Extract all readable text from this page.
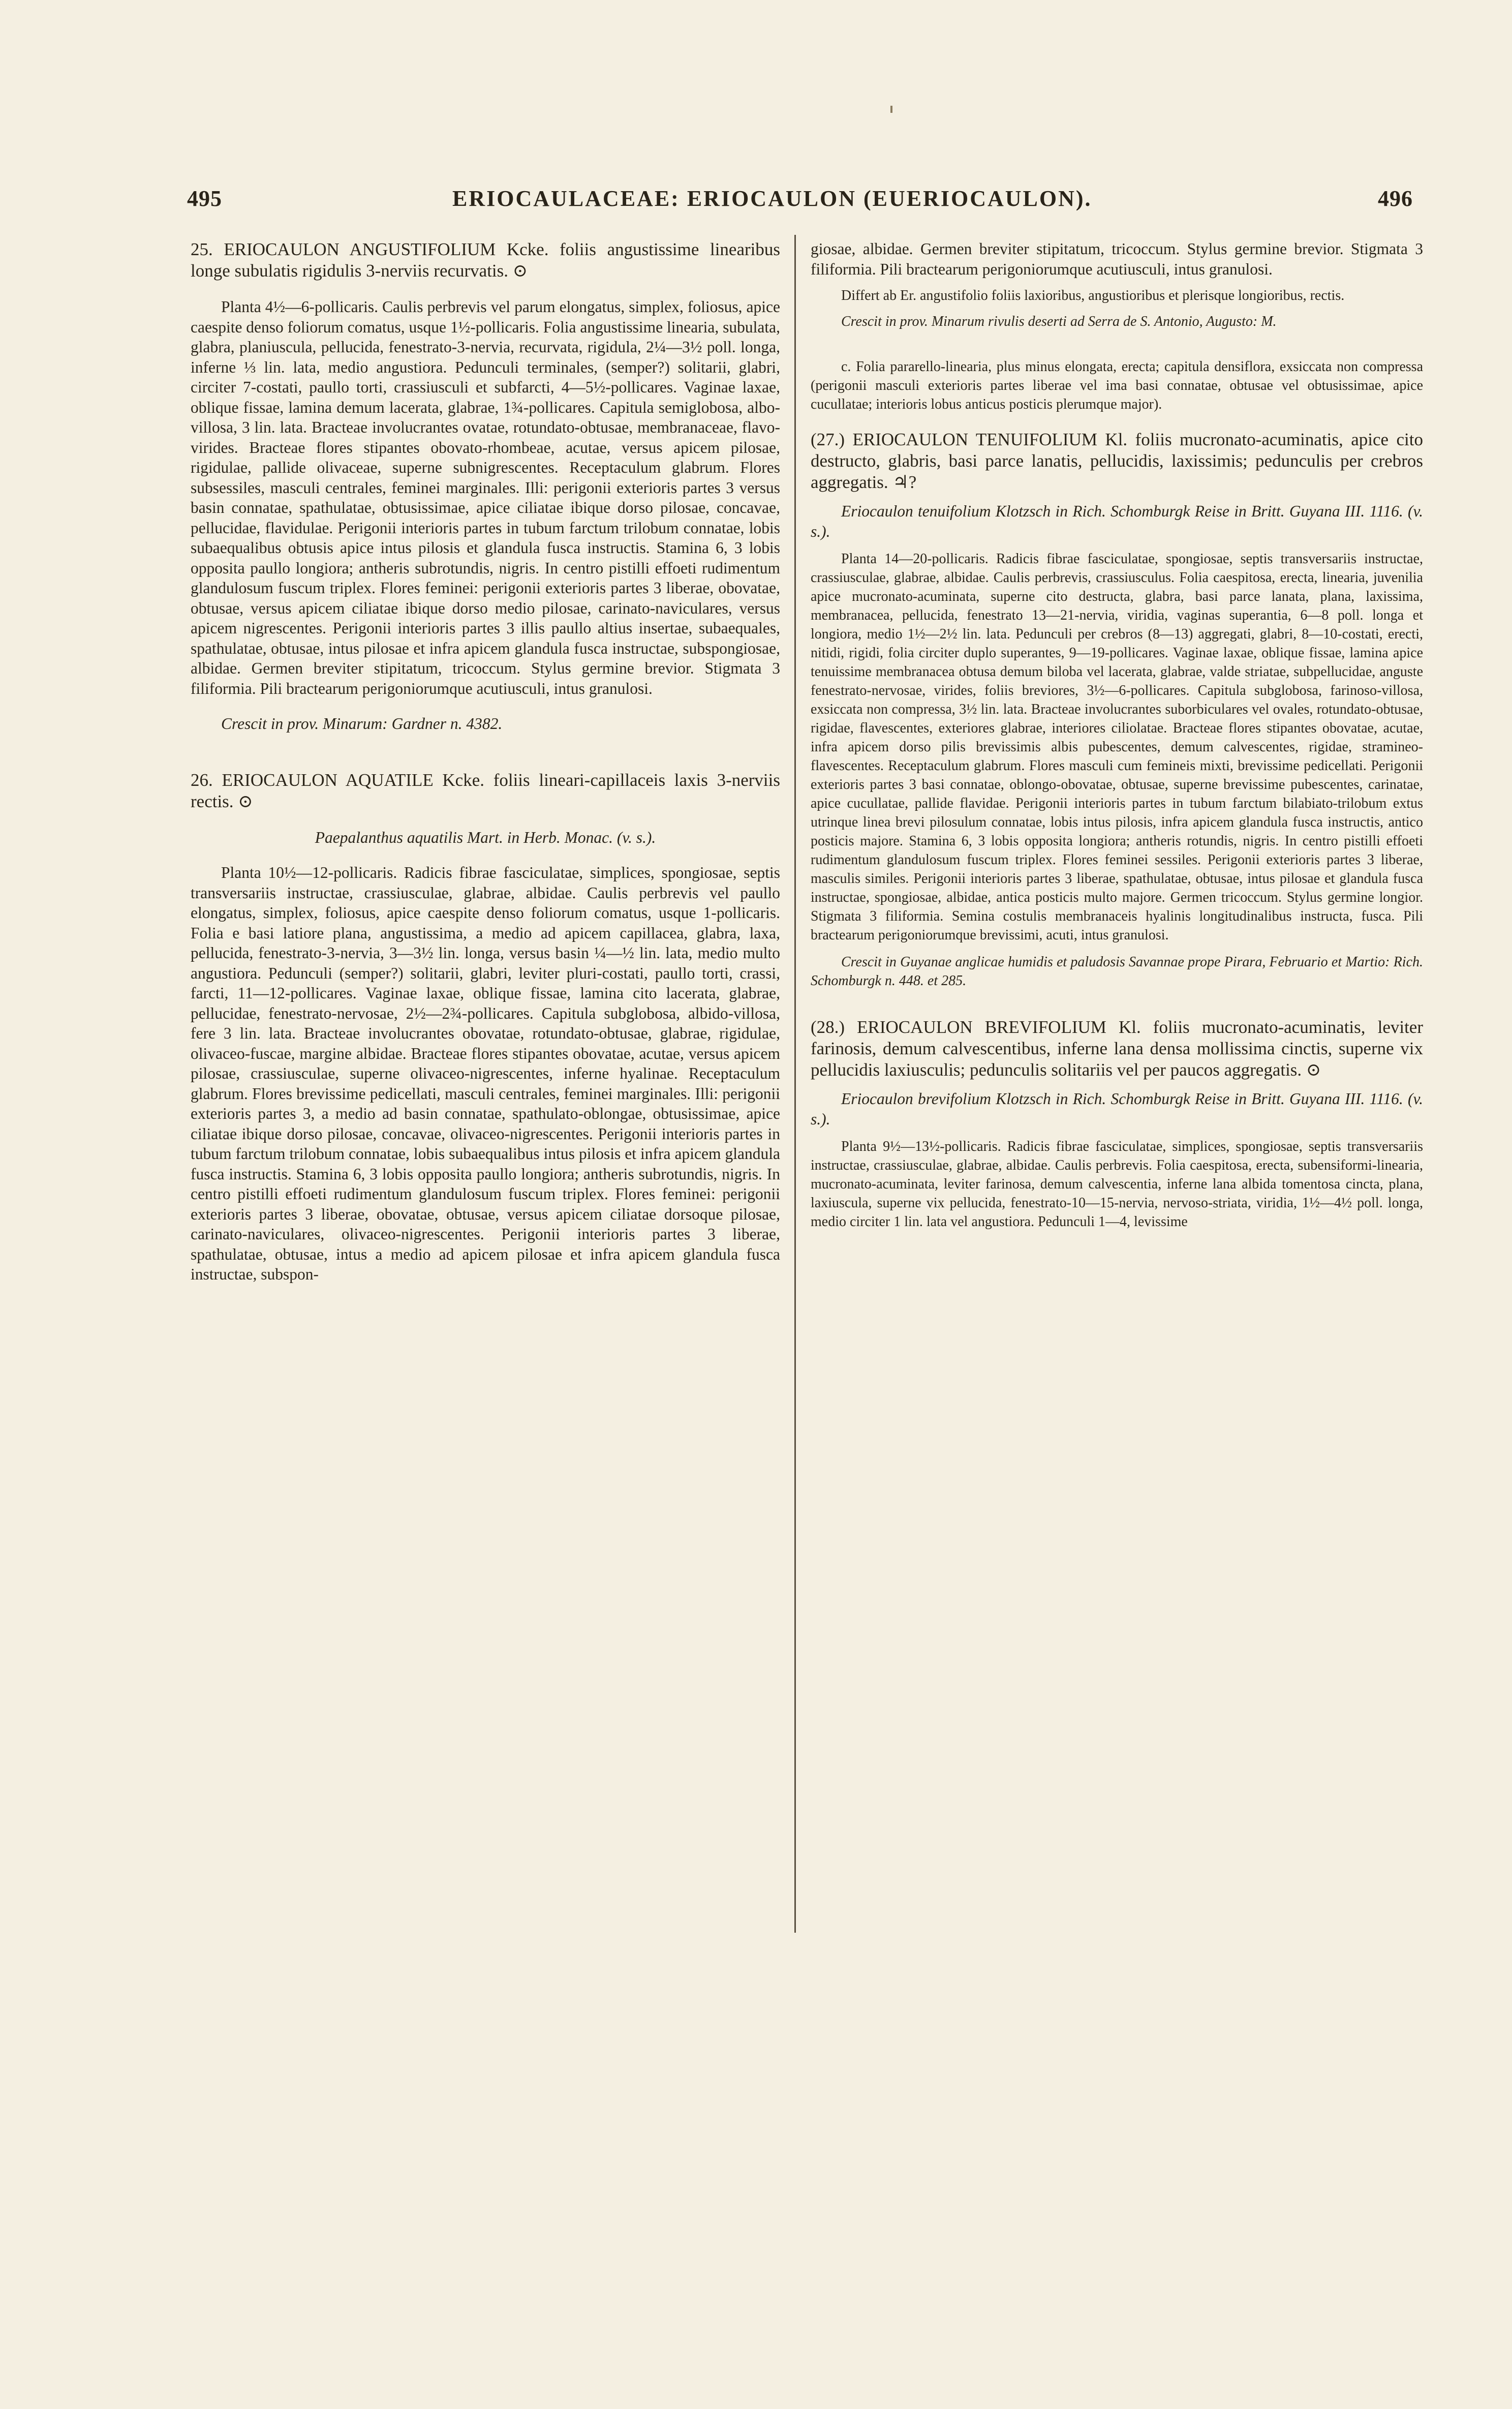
495	ERIOCAULACEAE: ERIOCAULON (EUERIOCAULON).	496

25. ERIOCAULON ANGUSTIFOLIUM Kcke. foliis angustissime linearibus longe subulatis rigidulis 3-nerviis recurvatis. ⊙

Planta 4½—6-pollicaris. Caulis perbrevis vel parum elongatus, simplex, foliosus, apice caespite denso foliorum comatus, usque 1½-pollicaris. Folia angustissime linearia, subulata, glabra, planiuscula, pellucida, fenestrato-3-nervia, recurvata, rigidula, 2¼—3½ poll. longa, inferne ⅓ lin. lata, medio angustiora. Pedunculi terminales, (semper?) solitarii, glabri, circiter 7-costati, paullo torti, crassiusculi et subfarcti, 4—5½-pollicares. Vaginae laxae, oblique fissae, lamina demum lacerata, glabrae, 1¾-pollicares. Capitula semiglobosa, albo-villosa, 3 lin. lata. Bracteae involucrantes ovatae, rotundato-obtusae, membranaceae, flavo-virides. Bracteae flores stipantes obovato-rhombeae, acutae, versus apicem pilosae, rigidulae, pallide olivaceae, superne subnigrescentes. Receptaculum glabrum. Flores subsessiles, masculi centrales, feminei marginales. Illi: perigonii exterioris partes 3 versus basin connatae, spathulatae, obtusissimae, apice ciliatae ibique dorso pilosae, concavae, pellucidae, flavidulae. Perigonii interioris partes in tubum farctum trilobum connatae, lobis subaequalibus obtusis apice intus pilosis et glandula fusca instructis. Stamina 6, 3 lobis opposita paullo longiora; antheris subrotundis, nigris. In centro pistilli effoeti rudimentum glandulosum fuscum triplex. Flores feminei: perigonii exterioris partes 3 liberae, obovatae, obtusae, versus apicem ciliatae ibique dorso medio pilosae, carinato-naviculares, versus apicem nigrescentes. Perigonii interioris partes 3 illis paullo altius insertae, subaequales, spathulatae, obtusae, intus pilosae et infra apicem glandula fusca instructae, subspongiosae, albidae. Germen breviter stipitatum, tricoccum. Stylus germine brevior. Stigmata 3 filiformia. Pili bractearum perigoniorumque acutiusculi, intus granulosi.

Crescit in prov. Minarum: Gardner n. 4382.

26. ERIOCAULON AQUATILE Kcke. foliis lineari-capillaceis laxis 3-nerviis rectis. ⊙

Paepalanthus aquatilis Mart. in Herb. Monac. (v. s.).

Planta 10½—12-pollicaris. Radicis fibrae fasciculatae, simplices, spongiosae, septis transversariis instructae, crassiusculae, glabrae, albidae. Caulis perbrevis vel paullo elongatus, simplex, foliosus, apice caespite denso foliorum comatus, usque 1-pollicaris. Folia e basi latiore plana, angustissima, a medio ad apicem capillacea, glabra, laxa, pellucida, fenestrato-3-nervia, 3—3½ lin. longa, versus basin ¼—½ lin. lata, medio multo angustiora. Pedunculi (semper?) solitarii, glabri, leviter pluri-costati, paullo torti, crassi, farcti, 11—12-pollicares. Vaginae laxae, oblique fissae, lamina cito lacerata, glabrae, pellucidae, fenestrato-nervosae, 2½—2¾-pollicares. Capitula subglobosa, albido-villosa, fere 3 lin. lata. Bracteae involucrantes obovatae, rotundato-obtusae, glabrae, rigidulae, olivaceo-fuscae, margine albidae. Bracteae flores stipantes obovatae, acutae, versus apicem pilosae, crassiusculae, superne olivaceo-nigrescentes, inferne hyalinae. Receptaculum glabrum. Flores brevissime pedicellati, masculi centrales, feminei marginales. Illi: perigonii exterioris partes 3, a medio ad basin connatae, spathulato-oblongae, obtusissimae, apice ciliatae ibique dorso pilosae, concavae, olivaceo-nigrescentes. Perigonii interioris partes in tubum farctum trilobum connatae, lobis subaequalibus intus pilosis et infra apicem glandula fusca instructis. Stamina 6, 3 lobis opposita paullo longiora; antheris subrotundis, nigris. In centro pistilli effoeti rudimentum glandulosum fuscum triplex. Flores feminei: perigonii exterioris partes 3 liberae, obovatae, obtusae, versus apicem ciliatae dorsoque pilosae, carinato-naviculares, olivaceo-nigrescentes. Perigonii interioris partes 3 liberae, spathulatae, obtusae, intus a medio ad apicem pilosae et infra apicem glandula fusca instructae, subspon-

giosae, albidae. Germen breviter stipitatum, tricoccum. Stylus germine brevior. Stigmata 3 filiformia. Pili bractearum perigoniorumque acutiusculi, intus granulosi.

Differt ab Er. angustifolio foliis laxioribus, angustioribus et plerisque longioribus, rectis.

Crescit in prov. Minarum rivulis deserti ad Serra de S. Antonio, Augusto: M.

c. Folia pararello-linearia, plus minus elongata, erecta; capitula densiflora, exsiccata non compressa (perigonii masculi exterioris partes liberae vel ima basi connatae, obtusae vel obtusissimae, apice cucullatae; interioris lobus anticus posticis plerumque major).

(27.) ERIOCAULON TENUIFOLIUM Kl. foliis mucronato-acuminatis, apice cito destructo, glabris, basi parce lanatis, pellucidis, laxissimis; pedunculis per crebros aggregatis. ♃?

Eriocaulon tenuifolium Klotzsch in Rich. Schomburgk Reise in Britt. Guyana III. 1116. (v. s.).

Planta 14—20-pollicaris. Radicis fibrae fasciculatae, spongiosae, septis transversariis instructae, crassiusculae, glabrae, albidae. Caulis perbrevis, crassiusculus. Folia caespitosa, erecta, linearia, juvenilia apice mucronato-acuminata, superne cito destructa, glabra, basi parce lanata, plana, laxissima, membranacea, pellucida, fenestrato 13—21-nervia, viridia, vaginas superantia, 6—8 poll. longa et longiora, medio 1½—2½ lin. lata. Pedunculi per crebros (8—13) aggregati, glabri, 8—10-costati, erecti, nitidi, rigidi, folia circiter duplo superantes, 9—19-pollicares. Vaginae laxae, oblique fissae, lamina apice tenuissime membranacea obtusa demum biloba vel lacerata, glabrae, valde striatae, subpellucidae, anguste fenestrato-nervosae, virides, foliis breviores, 3½—6-pollicares. Capitula subglobosa, farinoso-villosa, exsiccata non compressa, 3½ lin. lata. Bracteae involucrantes suborbiculares vel ovales, rotundato-obtusae, rigidae, flavescentes, exteriores glabrae, interiores ciliolatae. Bracteae flores stipantes obovatae, acutae, infra apicem dorso pilis brevissimis albis pubescentes, demum calvescentes, rigidae, stramineo-flavescentes. Receptaculum glabrum. Flores masculi cum femineis mixti, brevissime pedicellati. Perigonii exterioris partes 3 basi connatae, oblongo-obovatae, obtusae, superne brevissime pubescentes, carinatae, apice cucullatae, pallide flavidae. Perigonii interioris partes in tubum farctum bilabiato-trilobum extus utrinque linea brevi pilosulum connatae, lobis intus pilosis, infra apicem glandula fusca instructis, antico posticis majore. Stamina 6, 3 lobis opposita longiora; antheris rotundis, nigris. In centro pistilli effoeti rudimentum glandulosum fuscum triplex. Flores feminei sessiles. Perigonii exterioris partes 3 liberae, masculis similes. Perigonii interioris partes 3 liberae, spathulatae, obtusae, intus pilosae et glandula fusca instructae, spongiosae, albidae, antica posticis multo majore. Germen tricoccum. Stylus germine longior. Stigmata 3 filiformia. Semina costulis membranaceis hyalinis longitudinalibus instructa, fusca. Pili bractearum perigoniorumque brevissimi, acuti, intus granulosi.

Crescit in Guyanae anglicae humidis et paludosis Savannae prope Pirara, Februario et Martio: Rich. Schomburgk n. 448. et 285.

(28.) ERIOCAULON BREVIFOLIUM Kl. foliis mucronato-acuminatis, leviter farinosis, demum calvescentibus, inferne lana densa mollissima cinctis, superne vix pellucidis laxiusculis; pedunculis solitariis vel per paucos aggregatis. ⊙

Eriocaulon brevifolium Klotzsch in Rich. Schomburgk Reise in Britt. Guyana III. 1116. (v. s.).

Planta 9½—13½-pollicaris. Radicis fibrae fasciculatae, simplices, spongiosae, septis transversariis instructae, crassiusculae, glabrae, albidae. Caulis perbrevis. Folia caespitosa, erecta, subensiformi-linearia, mucronato-acuminata, leviter farinosa, demum calvescentia, inferne lana albida tomentosa cincta, plana, laxiuscula, superne vix pellucida, fenestrato-10—15-nervia, nervoso-striata, viridia, 1½—4½ poll. longa, medio circiter 1 lin. lata vel angustiora. Pedunculi 1—4, levissime
